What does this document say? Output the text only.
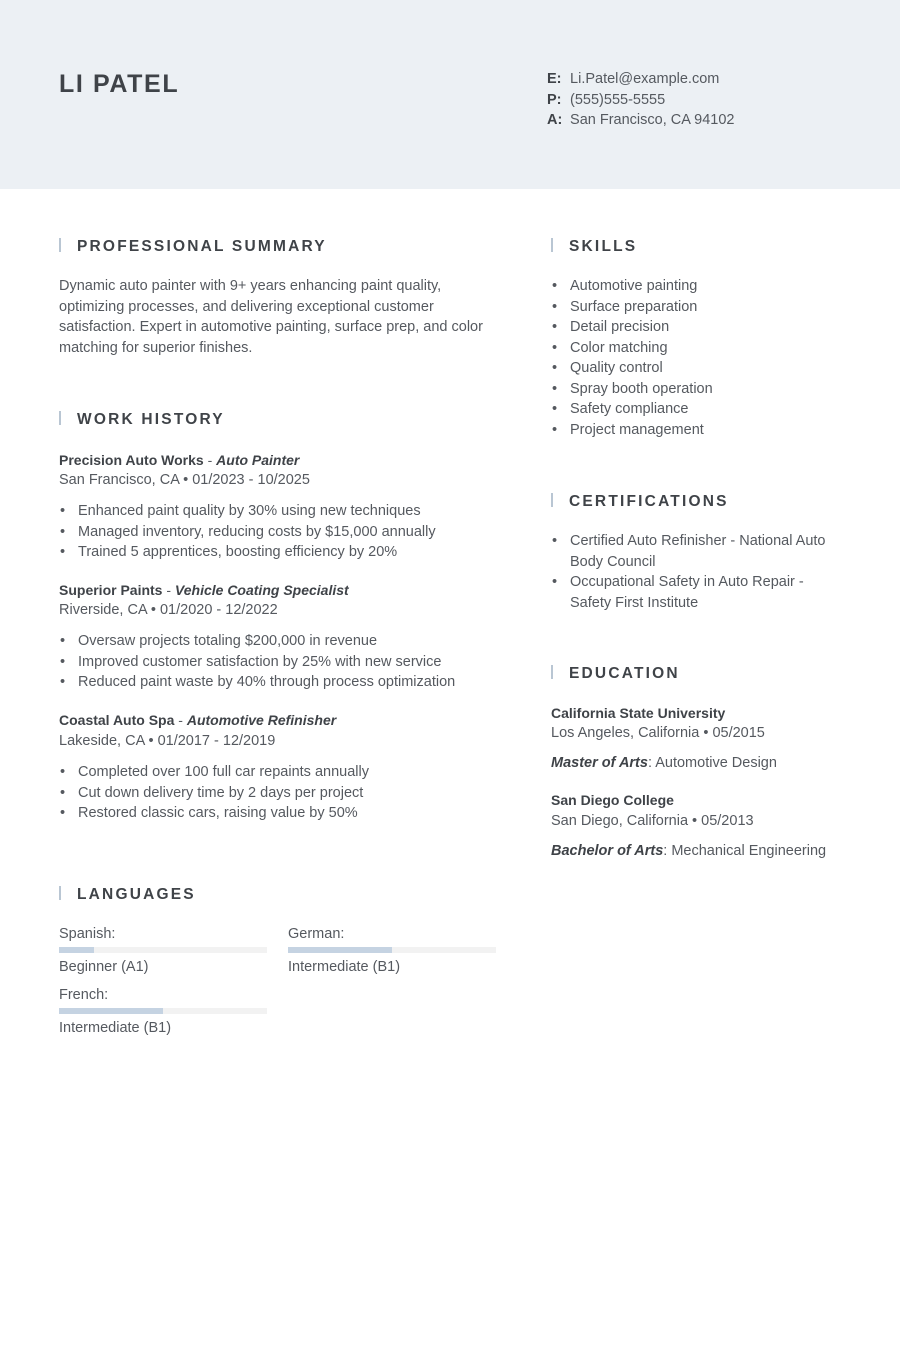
LI PATEL	E: Li.Patel@example.com
P: (555)555-5555
A: San Francisco, CA 94102
PROFESSIONAL SUMMARY
Dynamic auto painter with 9+ years enhancing paint quality, optimizing processes, and delivering exceptional customer satisfaction. Expert in automotive painting, surface prep, and color matching for superior finishes.
WORK HISTORY
Precision Auto Works - Auto Painter
San Francisco, CA • 01/2023 - 10/2025
• Enhanced paint quality by 30% using new techniques
• Managed inventory, reducing costs by $15,000 annually
• Trained 5 apprentices, boosting efficiency by 20%
Superior Paints - Vehicle Coating Specialist
Riverside, CA • 01/2020 - 12/2022
• Oversaw projects totaling $200,000 in revenue
• Improved customer satisfaction by 25% with new service
• Reduced paint waste by 40% through process optimization
Coastal Auto Spa - Automotive Refinisher
Lakeside, CA • 01/2017 - 12/2019
• Completed over 100 full car repaints annually
• Cut down delivery time by 2 days per project
• Restored classic cars, raising value by 50%
LANGUAGES
Spanish:
Beginner (A1)
German:
Intermediate (B1)
French:
Intermediate (B1)
SKILLS
• Automotive painting
• Surface preparation
• Detail precision
• Color matching
• Quality control
• Spray booth operation
• Safety compliance
• Project management
CERTIFICATIONS
• Certified Auto Refinisher - National Auto Body Council
• Occupational Safety in Auto Repair - Safety First Institute
EDUCATION
California State University
Los Angeles, California • 05/2015
Master of Arts: Automotive Design
San Diego College
San Diego, California • 05/2013
Bachelor of Arts: Mechanical Engineering
